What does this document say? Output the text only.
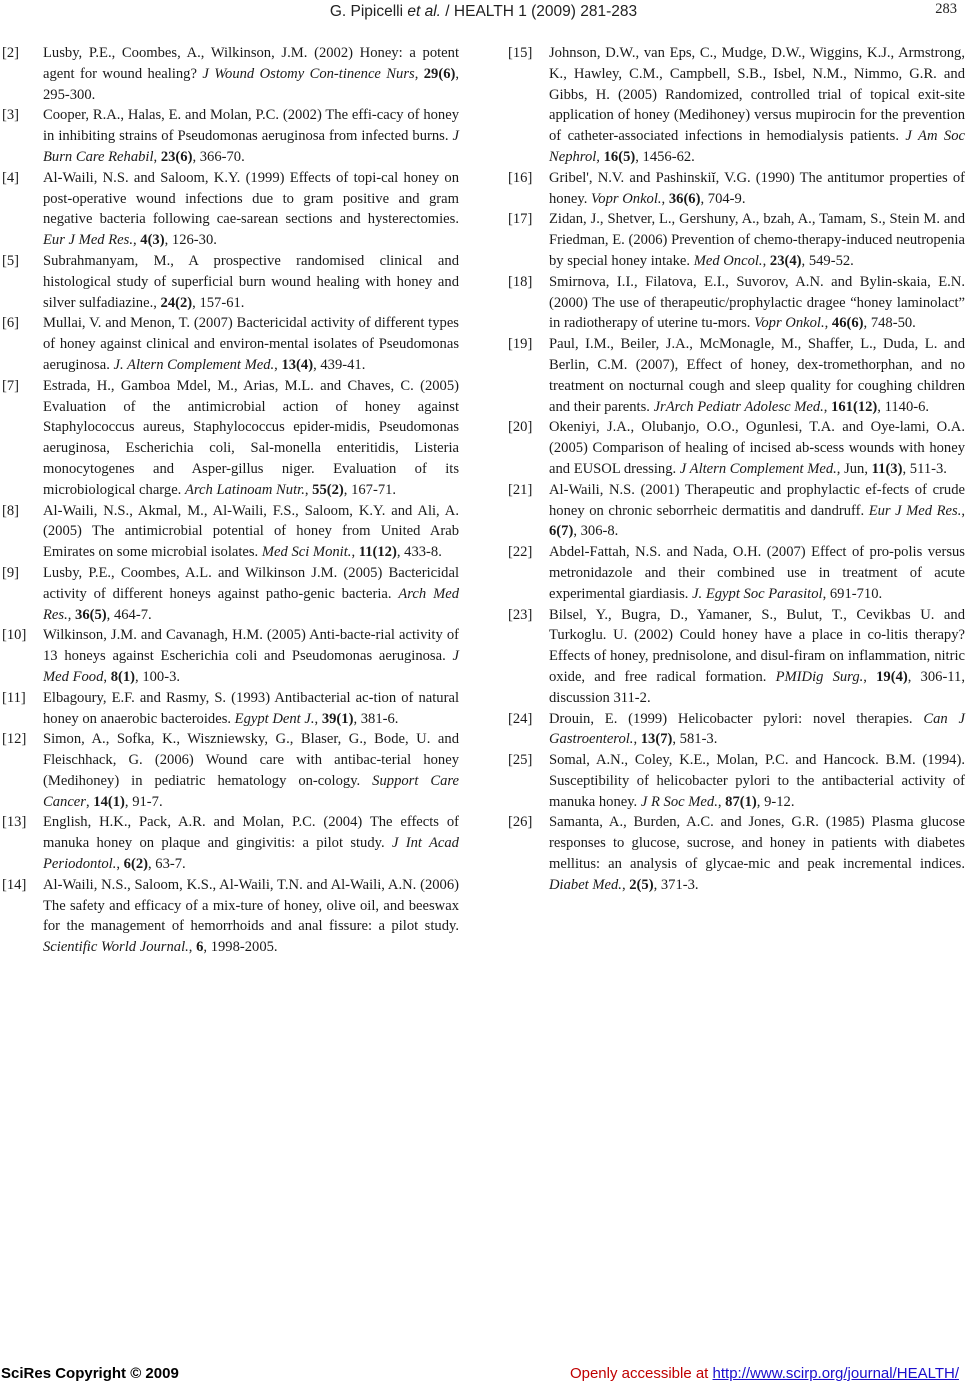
G. Pipicelli et al. / HEALTH 1 (2009) 281-283	283
[2]	Lusby, P.E., Coombes, A., Wilkinson, J.M. (2002) Honey: a potent agent for wound healing? J Wound Ostomy Con-tinence Nurs, 29(6), 295-300.
[3]	Cooper, R.A., Halas, E. and Molan, P.C. (2002) The effi-cacy of honey in inhibiting strains of Pseudomonas aeruginosa from infected burns. J Burn Care Rehabil, 23(6), 366-70.
[4]	Al-Waili, N.S. and Saloom, K.Y. (1999) Effects of topi-cal honey on post-operative wound infections due to gram positive and gram negative bacteria following cae-sarean sections and hysterectomies. Eur J Med Res., 4(3), 126-30.
[5]	Subrahmanyam, M., A prospective randomised clinical and histological study of superficial burn wound healing with honey and silver sulfadiazine., 24(2), 157-61.
[6]	Mullai, V. and Menon, T. (2007) Bactericidal activity of different types of honey against clinical and environ-mental isolates of Pseudomonas aeruginosa. J. Altern Complement Med., 13(4), 439-41.
[7]	Estrada, H., Gamboa Mdel, M., Arias, M.L. and Chaves, C. (2005) Evaluation of the antimicrobial action of honey against Staphylococcus aureus, Staphylococcus epider-midis, Pseudomonas aeruginosa, Escherichia coli, Sal-monella enteritidis, Listeria monocytogenes and Asper-gillus niger. Evaluation of its microbiological charge. Arch Latinoam Nutr., 55(2), 167-71.
[8]	Al-Waili, N.S., Akmal, M., Al-Waili, F.S., Saloom, K.Y. and Ali, A. (2005) The antimicrobial potential of honey from United Arab Emirates on some microbial isolates. Med Sci Monit., 11(12), 433-8.
[9]	Lusby, P.E., Coombes, A.L. and Wilkinson J.M. (2005) Bactericidal activity of different honeys against patho-genic bacteria. Arch Med Res., 36(5), 464-7.
[10]	Wilkinson, J.M. and Cavanagh, H.M. (2005) Anti-bacte-rial activity of 13 honeys against Escherichia coli and Pseudomonas aeruginosa. J Med Food, 8(1), 100-3.
[11]	Elbagoury, E.F. and Rasmy, S. (1993) Antibacterial ac-tion of natural honey on anaerobic bacteroides. Egypt Dent J., 39(1), 381-6.
[12]	Simon, A., Sofka, K., Wiszniewsky, G., Blaser, G., Bode, U. and Fleischhack, G. (2006) Wound care with antibac-terial honey (Medihoney) in pediatric hematology on-cology. Support Care Cancer, 14(1), 91-7.
[13]	English, H.K., Pack, A.R. and Molan, P.C. (2004) The effects of manuka honey on plaque and gingivitis: a pilot study. J Int Acad Periodontol., 6(2), 63-7.
[14]	Al-Waili, N.S., Saloom, K.S., Al-Waili, T.N. and Al-Waili, A.N. (2006) The safety and efficacy of a mix-ture of honey, olive oil, and beeswax for the management of hemorrhoids and anal fissure: a pilot study. Scientific World Journal., 6, 1998-2005.
[15]	Johnson, D.W., van Eps, C., Mudge, D.W., Wiggins, K.J., Armstrong, K., Hawley, C.M., Campbell, S.B., Isbel, N.M., Nimmo, G.R. and Gibbs, H. (2005) Randomized, controlled trial of topical exit-site application of honey (Medihoney) versus mupirocin for the prevention of catheter-associated infections in hemodialysis patients. J Am Soc Nephrol, 16(5), 1456-62.
[16]	Gribel', N.V. and Pashinskiĭ, V.G. (1990) The antitumor properties of honey. Vopr Onkol., 36(6), 704-9.
[17]	Zidan, J., Shetver, L., Gershuny, A., bzah, A., Tamam, S., Stein M. and Friedman, E. (2006) Prevention of chemo-therapy-induced neutropenia by special honey intake. Med Oncol., 23(4), 549-52.
[18]	Smirnova, I.I., Filatova, E.I., Suvorov, A.N. and Bylin-skaia, E.N. (2000) The use of therapeutic/prophylactic dragee “honey laminolact” in radiotherapy of uterine tu-mors. Vopr Onkol., 46(6), 748-50.
[19]	Paul, I.M., Beiler, J.A., McMonagle, M., Shaffer, L., Duda, L. and Berlin, C.M. (2007), Effect of honey, dex-tromethorphan, and no treatment on nocturnal cough and sleep quality for coughing children and their parents. JrArch Pediatr Adolesc Med., 161(12), 1140-6.
[20]	Okeniyi, J.A., Olubanjo, O.O., Ogunlesi, T.A. and Oye-lami, O.A. (2005) Comparison of healing of incised ab-scess wounds with honey and EUSOL dressing. J Altern Complement Med., Jun, 11(3), 511-3.
[21]	Al-Waili, N.S. (2001) Therapeutic and prophylactic ef-fects of crude honey on chronic seborrheic dermatitis and dandruff. Eur J Med Res., 6(7), 306-8.
[22]	Abdel-Fattah, N.S. and Nada, O.H. (2007) Effect of pro-polis versus metronidazole and their combined use in treatment of acute experimental giardiasis. J. Egypt Soc Parasitol, 691-710.
[23]	Bilsel, Y., Bugra, D., Yamaner, S., Bulut, T., Cevikbas U. and Turkoglu. U. (2002) Could honey have a place in co-litis therapy? Effects of honey, prednisolone, and disul-firam on inflammation, nitric oxide, and free radical formation. PMIDig Surg., 19(4), 306-11, discussion 311-2.
[24]	Drouin, E. (1999) Helicobacter pylori: novel therapies. Can J Gastroenterol., 13(7), 581-3.
[25]	Somal, A.N., Coley, K.E., Molan, P.C. and Hancock. B.M. (1994). Susceptibility of helicobacter pylori to the antibacterial activity of manuka honey. J R Soc Med., 87(1), 9-12.
[26]	Samanta, A., Burden, A.C. and Jones, G.R. (1985) Plasma glucose responses to glucose, sucrose, and honey in patients with diabetes mellitus: an analysis of glycae-mic and peak incremental indices. Diabet Med., 2(5), 371-3.
SciRes Copyright © 2009	Openly accessible at http://www.scirp.org/journal/HEALTH/
